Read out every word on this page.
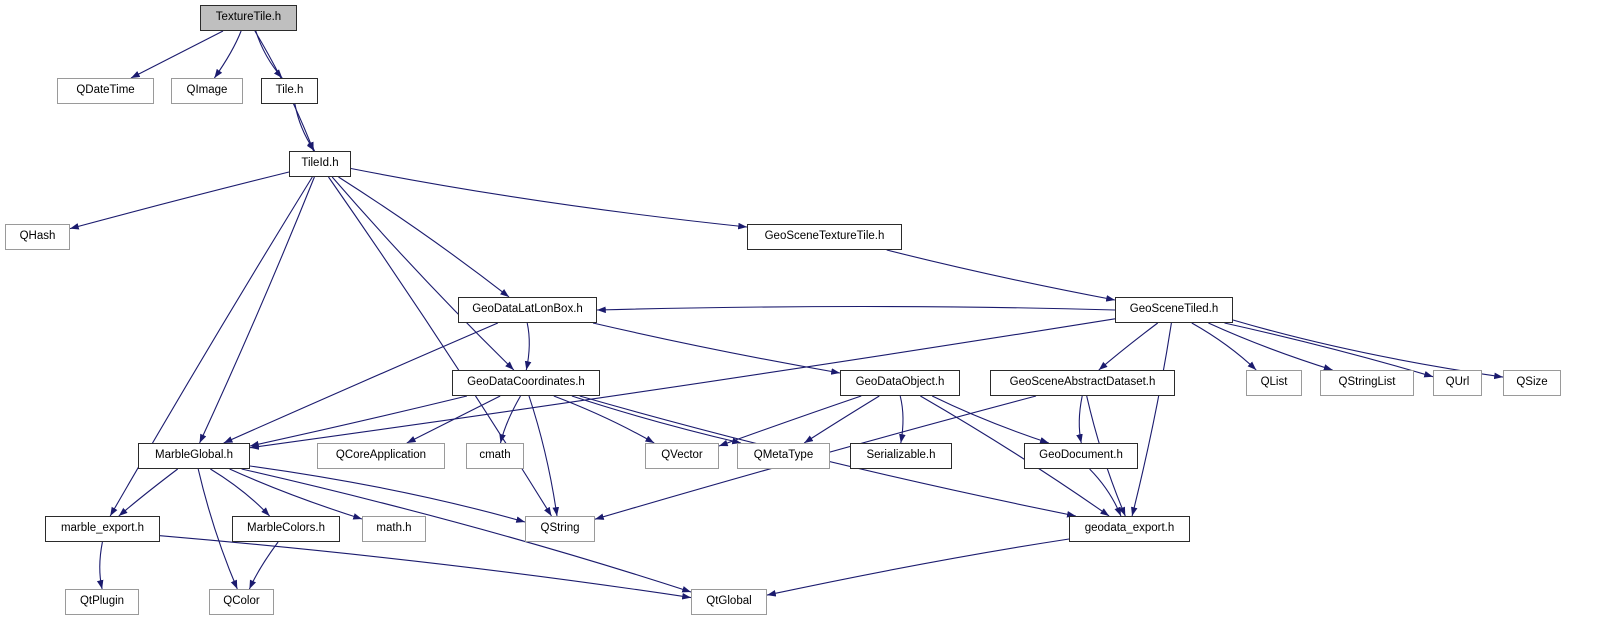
TextureTile.h
QDateTime	QImage	Tile.h
TileId.h
QHash	GeoSceneTextureTile.h
GeoDataLatLonBox.h	GeoSceneTiled.h
GeoDataCoordinates.h	GeoDataObject.h	GeoSceneAbstractDataset.h	QList	QStringList	QUrl	QSize
MarbleGlobal.h	QCoreApplication	cmath	QVector	QMetaType	Serializable.h	GeoDocument.h
marble_export.h	MarbleColors.h	math.h	QString	geodata_export.h
QtPlugin	QColor	QtGlobal
